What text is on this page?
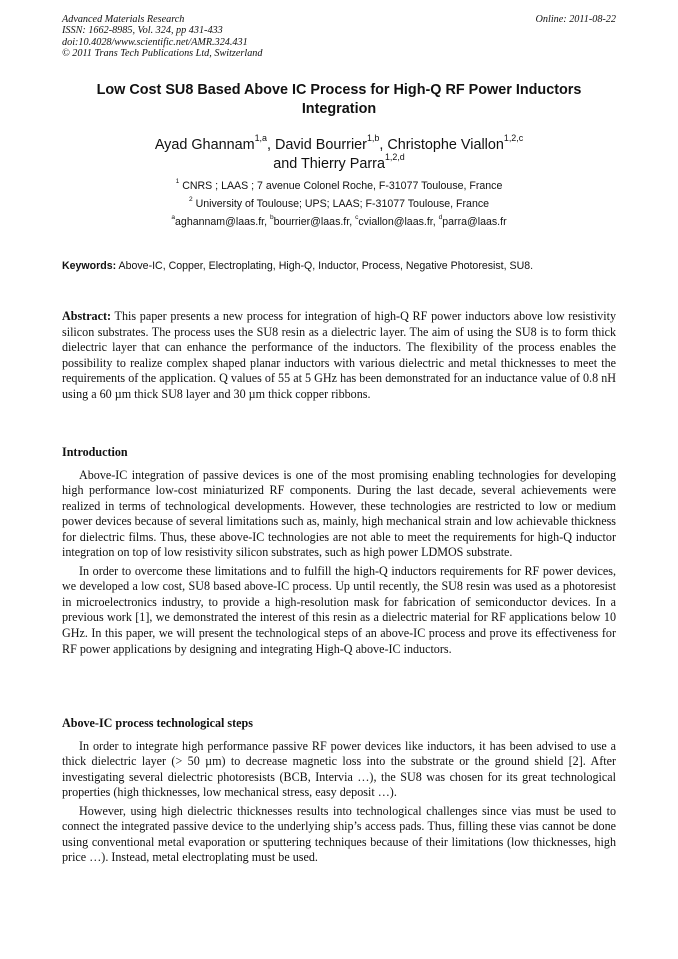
Advanced Materials Research
ISSN: 1662-8985, Vol. 324, pp 431-433
doi:10.4028/www.scientific.net/AMR.324.431
© 2011 Trans Tech Publications Ltd, Switzerland
Online: 2011-08-22
Low Cost SU8 Based Above IC Process for High-Q RF Power Inductors
Integration
Ayad Ghannam$^{1,a}$, David Bourrier$^{1,b}$, Christophe Viallon$^{1,2,c}$
and Thierry Parra$^{1,2,d}$
$^1$ CNRS ; LAAS ; 7 avenue Colonel Roche, F-31077 Toulouse, France
$^2$ University of Toulouse; UPS; LAAS; F-31077 Toulouse, France
$^a$aghannam@laas.fr, $^b$bourrier@laas.fr, $^c$cviallon@laas.fr, $^d$parra@laas.fr
Keywords: Above-IC, Copper, Electroplating, High-Q, Inductor, Process, Negative Photoresist, SU8.

Abstract: This paper presents a new process for integration of high-Q RF power inductors above low resistivity silicon substrates. The process uses the SU8 resin as a dielectric layer. The aim of using the SU8 is to form thick dielectric layer that can enhance the performance of the inductors. The flexibility of the process enables the possibility to realize complex shaped planar inductors with various dielectric and metal thicknesses to meet the requirements of the application. Q values of 55 at 5 GHz has been demonstrated for an inductance value of 0.8 nH using a 60 µm thick SU8 layer and 30 µm thick copper ribbons.

Introduction

Above-IC integration of passive devices is one of the most promising enabling technologies for developing high performance low-cost miniaturized RF components. During the last decade, several achievements were realized in terms of technological developments. However, these technologies are restricted to low or medium power devices because of several limitations such as, mainly, high mechanical strain and low achievable thickness for dielectric films. Thus, these above-IC technologies are not able to meet the requirements for high-Q inductor integration on top of low resistivity silicon substrates, such as high power LDMOS substrate.

In order to overcome these limitations and to fulfill the high-Q inductors requirements for RF power devices, we developed a low cost, SU8 based above-IC process. Up until recently, the SU8 resin was used as a photoresist in microelectronics industry, to provide a high-resolution mask for fabrication of semiconductor devices. In a previous work [1], we demonstrated the interest of this resin as a dielectric material for RF applications below 10 GHz. In this paper, we will present the technological steps of an above-IC process and prove its effectiveness for RF power applications by designing and integrating High-Q above-IC inductors.

Above-IC process technological steps

In order to integrate high performance passive RF power devices like inductors, it has been advised to use a thick dielectric layer (> 50 µm) to decrease magnetic loss into the substrate or the ground shield [2]. After investigating several dielectric photoresists (BCB, Intervia …), the SU8 was chosen for its great technological properties (high thicknesses, low mechanical stress, easy deposit …).

However, using high dielectric thicknesses results into technological challenges since vias must be used to connect the integrated passive device to the underlying ship’s access pads. Thus, filling these vias cannot be done using conventional metal evaporation or sputtering techniques because of their limitations (low thicknesses, high price …). Instead, metal electroplating must be used.
